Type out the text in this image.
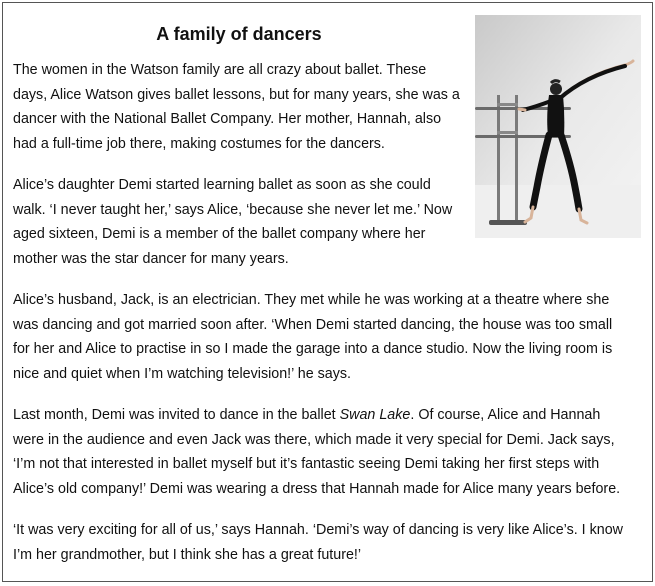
A family of dancers

The women in the Watson family are all crazy about ballet. These
days, Alice Watson gives ballet lessons, but for many years, she was a
dancer with the National Ballet Company. Her mother, Hannah, also
had a full-time job there, making costumes for the dancers.

Alice’s daughter Demi started learning ballet as soon as she could
walk. ‘I never taught her,’ says Alice, ‘because she never let me.’ Now
aged sixteen, Demi is a member of the ballet company where her
mother was the star dancer for many years.

Alice’s husband, Jack, is an electrician. They met while he was working at a theatre where she
was dancing and got married soon after. ‘When Demi started dancing, the house was too small
for her and Alice to practise in so I made the garage into a dance studio. Now the living room is
nice and quiet when I’m watching television!’ he says.

Last month, Demi was invited to dance in the ballet Swan Lake. Of course, Alice and Hannah
were in the audience and even Jack was there, which made it very special for Demi. Jack says,
‘I’m not that interested in ballet myself but it’s fantastic seeing Demi taking her first steps with
Alice’s old company!’ Demi was wearing a dress that Hannah made for Alice many years before.

‘It was very exciting for all of us,’ says Hannah. ‘Demi’s way of dancing is very like Alice’s. I know
I’m her grandmother, but I think she has a great future!’
